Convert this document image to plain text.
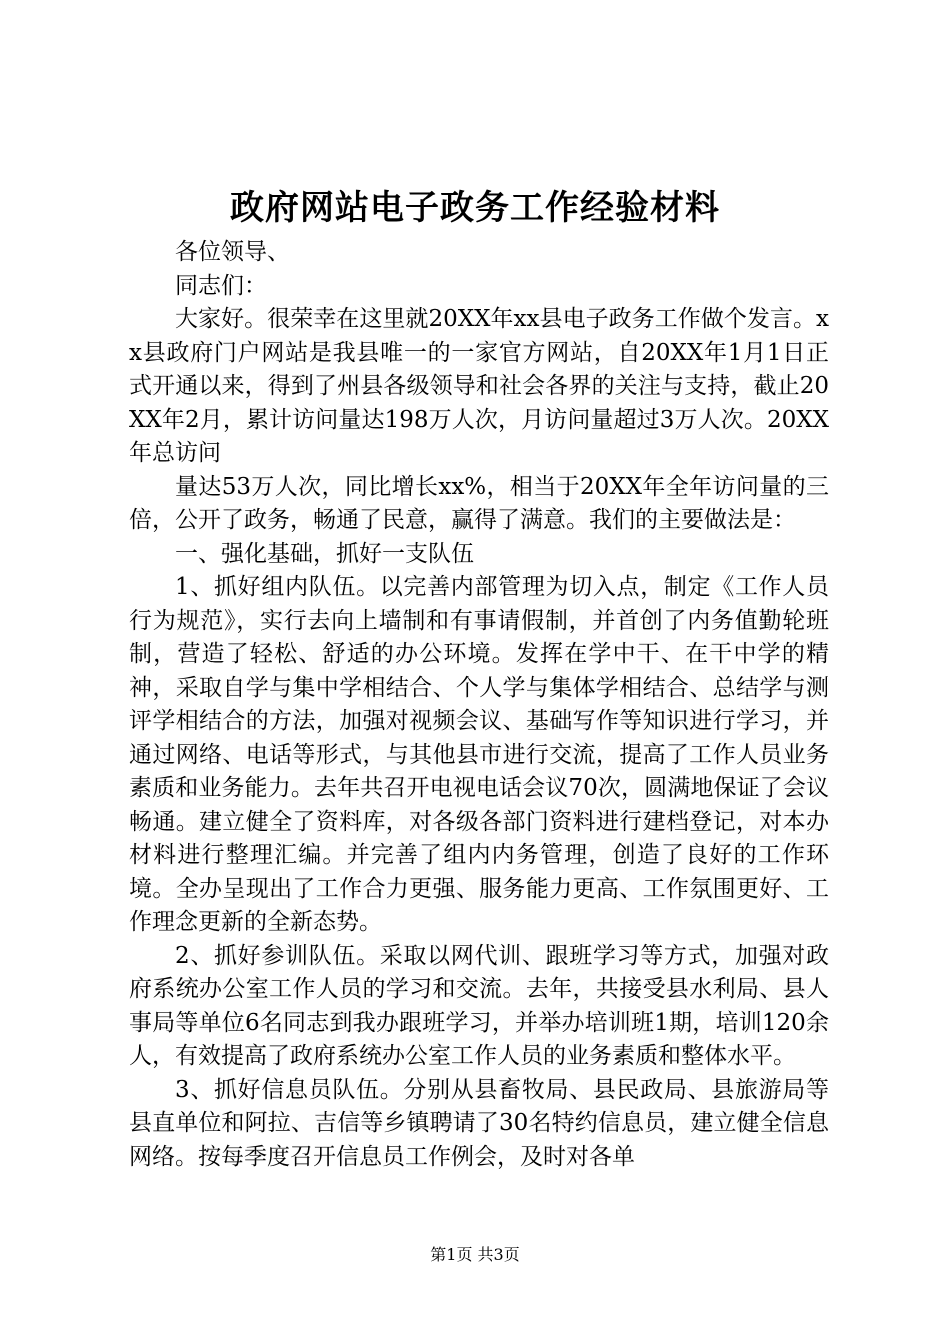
政府网站电子政务工作经验材料

各位领导、

同志们：

大家好。很荣幸在这里就20XX年xx县电子政务工作做个发言。xx县政府门户网站是我县唯一的一家官方网站，自20XX年1月1日正式开通以来，得到了州县各级领导和社会各界的关注与支持，截止20XX年2月，累计访问量达198万人次，月访问量超过3万人次。20XX年总访问

量达53万人次，同比增长xx%，相当于20XX年全年访问量的三倍，公开了政务，畅通了民意，赢得了满意。我们的主要做法是：

一、强化基础，抓好一支队伍

1、抓好组内队伍。以完善内部管理为切入点，制定《工作人员行为规范》，实行去向上墙制和有事请假制，并首创了内务值勤轮班制，营造了轻松、舒适的办公环境。发挥在学中干、在干中学的精神，采取自学与集中学相结合、个人学与集体学相结合、总结学与测评学相结合的方法，加强对视频会议、基础写作等知识进行学习，并通过网络、电话等形式，与其他县市进行交流，提高了工作人员业务素质和业务能力。去年共召开电视电话会议70次，圆满地保证了会议畅通。建立健全了资料库，对各级各部门资料进行建档登记，对本办材料进行整理汇编。并完善了组内内务管理，创造了良好的工作环境。全办呈现出了工作合力更强、服务能力更高、工作氛围更好、工作理念更新的全新态势。

2、抓好参训队伍。采取以网代训、跟班学习等方式，加强对政府系统办公室工作人员的学习和交流。去年，共接受县水利局、县人事局等单位6名同志到我办跟班学习，并举办培训班1期，培训120余人，有效提高了政府系统办公室工作人员的业务素质和整体水平。

3、抓好信息员队伍。分别从县畜牧局、县民政局、县旅游局等县直单位和阿拉、吉信等乡镇聘请了30名特约信息员，建立健全信息网络。按每季度召开信息员工作例会，及时对各单

第1页 共3页
